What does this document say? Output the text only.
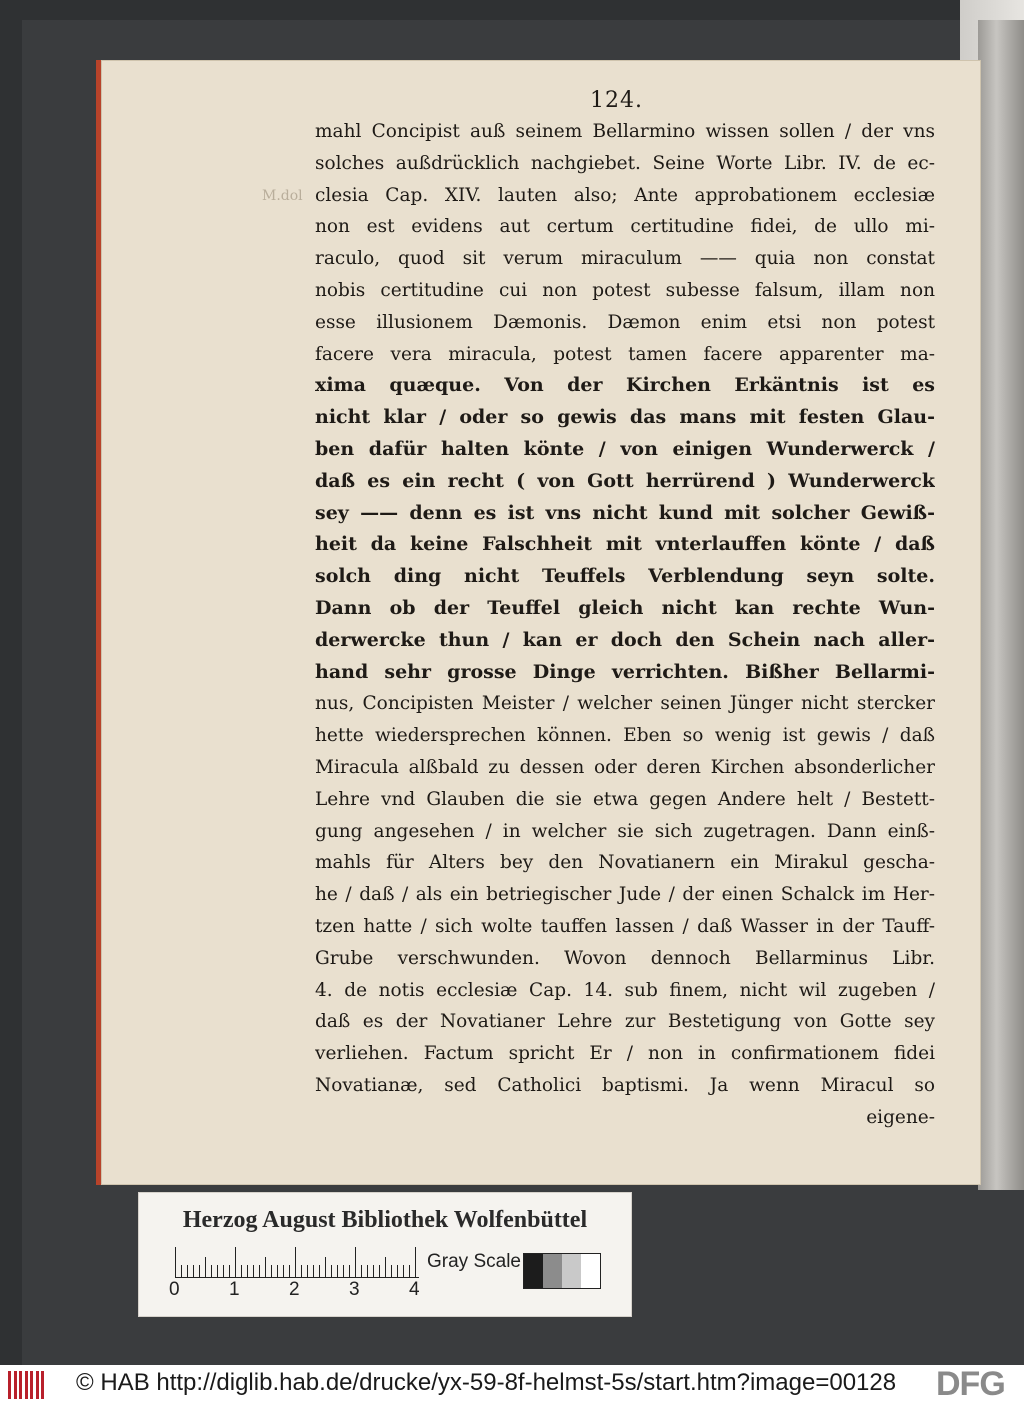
124.
M.dol
mahl Concipist auß seinem Bellarmino wissen sollen / der vns
solches außdrücklich nachgiebet. Seine Worte Libr. IV. de ec-
clesia Cap. XIV. lauten also; Ante approbationem ecclesiæ
non est evidens aut certum certitudine fidei, de ullo mi-
raculo, quod sit verum miraculum —— quia non constat
nobis certitudine cui non potest subesse falsum, illam non
esse illusionem Dæmonis. Dæmon enim etsi non potest
facere vera miracula, potest tamen facere apparenter ma-
xima quæque. Von der Kirchen Erkäntnis ist es
nicht klar / oder so gewis das mans mit festen Glau-
ben dafür halten könte / von einigen Wunderwerck /
daß es ein recht ( von Gott herrürend ) Wunderwerck
sey —— denn es ist vns nicht kund mit solcher Gewiß-
heit da keine Falschheit mit vnterlauffen könte / daß
solch ding nicht Teuffels Verblendung seyn solte.
Dann ob der Teuffel gleich nicht kan rechte Wun-
derwercke thun / kan er doch den Schein nach aller-
hand sehr grosse Dinge verrichten. Bißher Bellarmi-
nus, Concipisten Meister / welcher seinen Jünger nicht stercker
hette wiedersprechen können. Eben so wenig ist gewis / daß
Miracula alßbald zu dessen oder deren Kirchen absonderlicher
Lehre vnd Glauben die sie etwa gegen Andere helt / Bestett-
gung angesehen / in welcher sie sich zugetragen. Dann einß-
mahls für Alters bey den Novatianern ein Mirakul gescha-
he / daß / als ein betriegischer Jude / der einen Schalck im Her-
tzen hatte / sich wolte tauffen lassen / daß Wasser in der Tauff-
Grube verschwunden. Wovon dennoch Bellarminus Libr.
4. de notis ecclesiæ Cap. 14. sub finem, nicht wil zugeben /
daß es der Novatianer Lehre zur Bestetigung von Gotte sey
verliehen. Factum spricht Er / non in confirmationem fidei
Novatianæ, sed Catholici baptismi. Ja wenn Miracul so
eigene-
Herzog August Bibliothek Wolfenbüttel
0	1	2	3	4
Gray Scale
© HAB http://diglib.hab.de/drucke/yx-59-8f-helmst-5s/start.htm?image=00128 DFG
